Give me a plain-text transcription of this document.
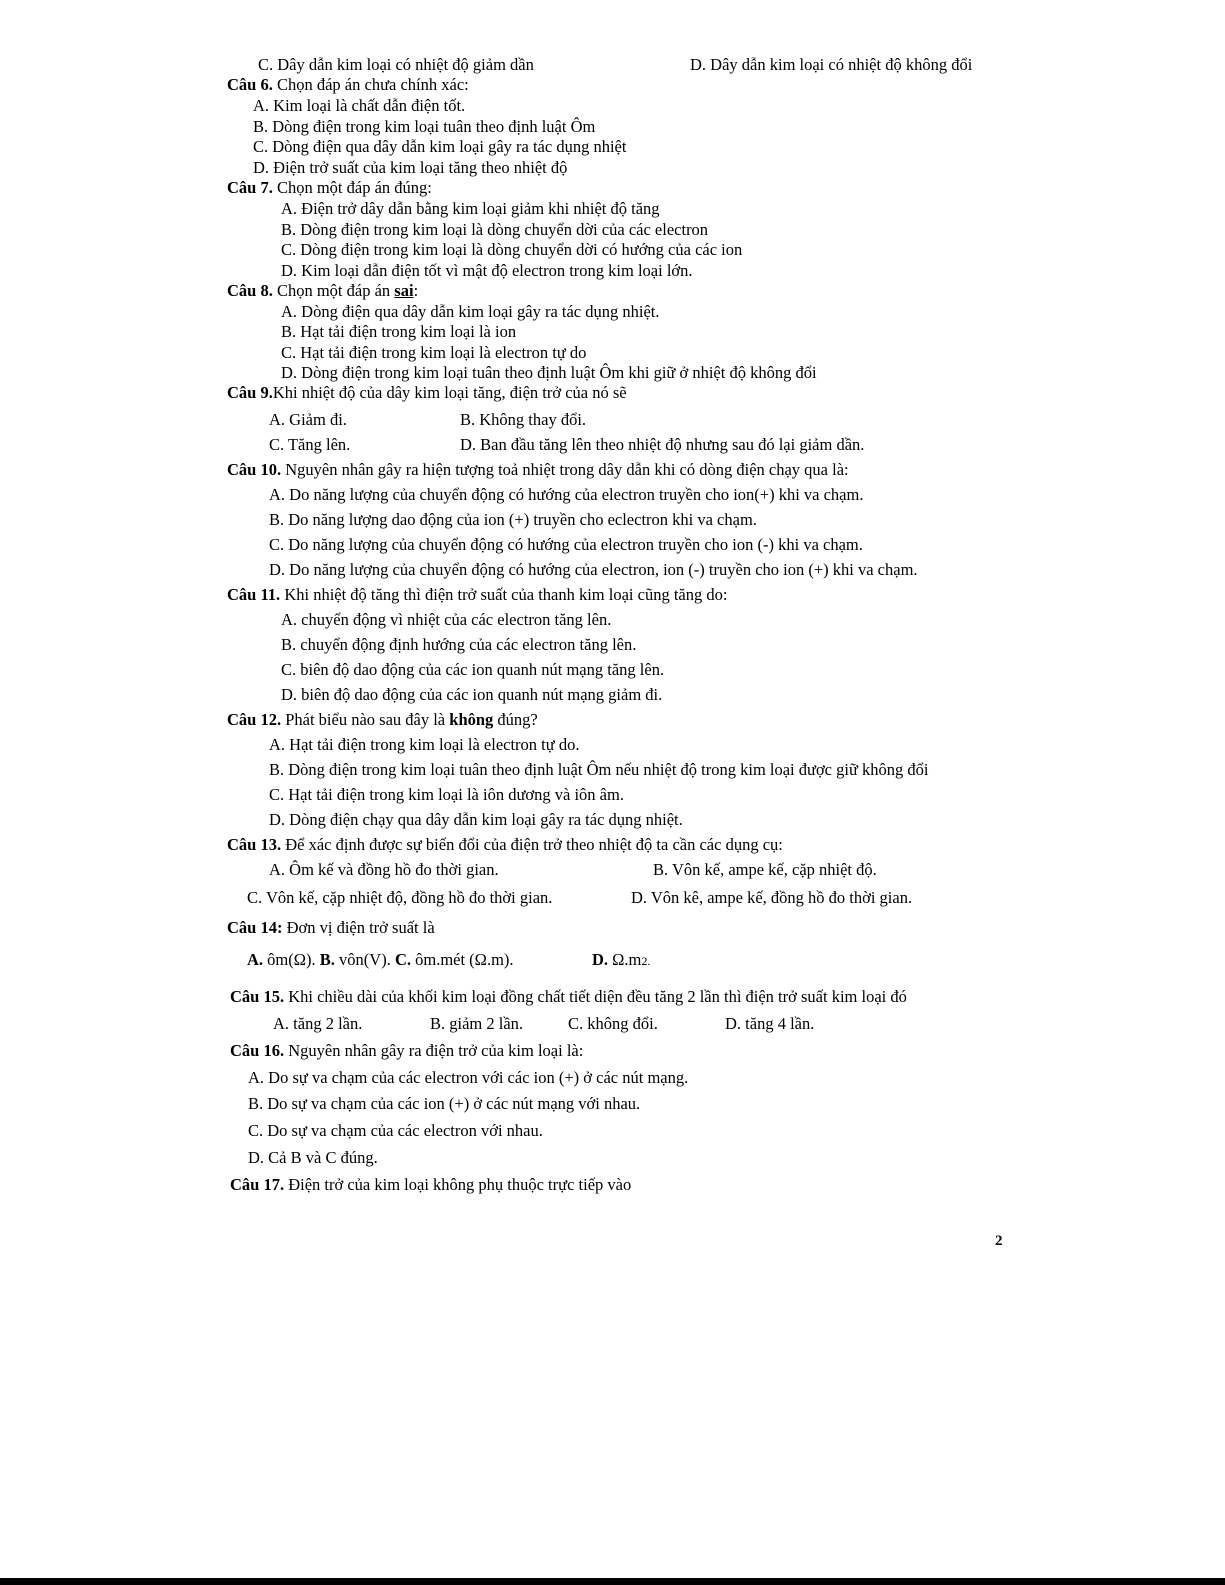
C. Dây dẫn kim loại có nhiệt độ giảm dần	D. Dây dẫn kim loại có nhiệt độ không đổi
Câu 6. Chọn đáp án chưa chính xác:
A. Kim loại là chất dẫn điện tốt.
B. Dòng điện trong kim loại tuân theo định luật Ôm
C. Dòng điện qua dây dẫn kim loại gây ra tác dụng nhiệt
D. Điện trở suất của kim loại tăng theo nhiệt độ
Câu 7. Chọn một đáp án đúng:
A. Điện trở dây dẫn bằng kim loại giảm khi nhiệt độ tăng
B. Dòng điện trong kim loại là dòng chuyển dời của các electron
C. Dòng điện trong kim loại là dòng chuyển dời có hướng của các ion
D. Kim loại dẫn điện tốt vì mật độ electron trong kim loại lớn.
Câu 8. Chọn một đáp án sai:
A. Dòng điện qua dây dẫn kim loại gây ra tác dụng nhiệt.
B. Hạt tải điện trong kim loại là ion
C. Hạt tải điện trong kim loại là electron tự do
D. Dòng điện trong kim loại tuân theo định luật Ôm khi giữ ở nhiệt độ không đổi
Câu 9.Khi nhiệt độ của dây kim loại tăng, điện trở của nó sẽ
A. Giảm đi.	B. Không thay đổi.
C. Tăng lên.	D. Ban đầu tăng lên theo nhiệt độ nhưng sau đó lại giảm dần.
Câu 10. Nguyên nhân gây ra hiện tượng toả nhiệt trong dây dẫn khi có dòng điện chạy qua là:
A. Do năng lượng của chuyển động có hướng của electron truyền cho ion(+) khi va chạm.
B. Do năng lượng dao động của ion (+) truyền cho eclectron khi va chạm.
C. Do năng lượng của chuyển động có hướng của electron truyền cho ion (-) khi va chạm.
D. Do năng lượng của chuyển động có hướng của electron, ion (-) truyền cho ion (+) khi va chạm.
Câu 11. Khi nhiệt độ tăng thì điện trở suất của thanh kim loại cũng tăng do:
A. chuyển động vì nhiệt của các electron tăng lên.
B. chuyển động định hướng của các electron tăng lên.
C. biên độ dao động của các ion quanh nút mạng tăng lên.
D. biên độ dao động của các ion quanh nút mạng giảm đi.
Câu 12. Phát biểu nào sau đây là không đúng?
A. Hạt tải điện trong kim loại là electron tự do.
B. Dòng điện trong kim loại tuân theo định luật Ôm nếu nhiệt độ trong kim loại được giữ không đổi
C. Hạt tải điện trong kim loại là iôn dương và iôn âm.
D. Dòng điện chạy qua dây dẫn kim loại gây ra tác dụng nhiệt.
Câu 13. Để xác định được sự biến đổi của điện trở theo nhiệt độ ta cần các dụng cụ:
A. Ôm kế và đồng hồ đo thời gian.	B. Vôn kế, ampe kế, cặp nhiệt độ.
C. Vôn kế, cặp nhiệt độ, đồng hồ đo thời gian.	D. Vôn kê, ampe kế, đồng hồ đo thời gian.
Câu 14: Đơn vị điện trở suất là
A. ôm(Ω). B. vôn(V). C. ôm.mét (Ω.m).	D. Ω.m2.
Câu 15. Khi chiều dài của khối kim loại đồng chất tiết diện đều tăng 2 lần thì điện trở suất kim loại đó
A. tăng 2 lần.	B. giảm 2 lần.	C. không đổi.	D. tăng 4 lần.
Câu 16. Nguyên nhân gây ra điện trở của kim loại là:
A. Do sự va chạm của các electron với các ion (+) ở các nút mạng.
B. Do sự va chạm của các ion (+) ở các nút mạng với nhau.
C. Do sự va chạm của các electron với nhau.
D. Cả B và C đúng.
Câu 17. Điện trở của kim loại không phụ thuộc trực tiếp vào
2
